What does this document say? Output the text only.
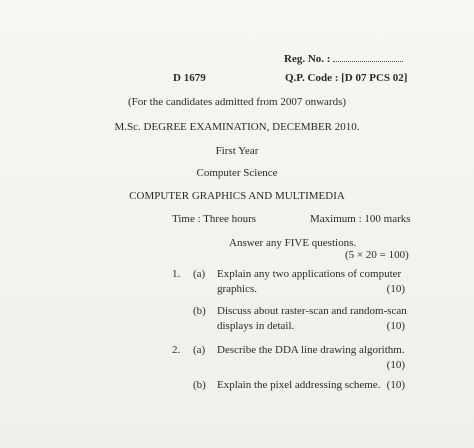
Reg. No. :
D 1679	Q.P. Code : [D 07 PCS 02]
(For the candidates admitted from 2007 onwards)
M.Sc. DEGREE EXAMINATION, DECEMBER 2010.
First Year
Computer Science
COMPUTER GRAPHICS AND MULTIMEDIA
Time : Three hours	Maximum : 100 marks
Answer any FIVE questions.
(5 × 20 = 100)
1. (a) Explain any two applications of computer
graphics.	(10)
(b) Discuss about raster-scan and random-scan
displays in detail.	(10)
2. (a) Describe the DDA line drawing algorithm.
(10)
(b) Explain the pixel addressing scheme. (10)
